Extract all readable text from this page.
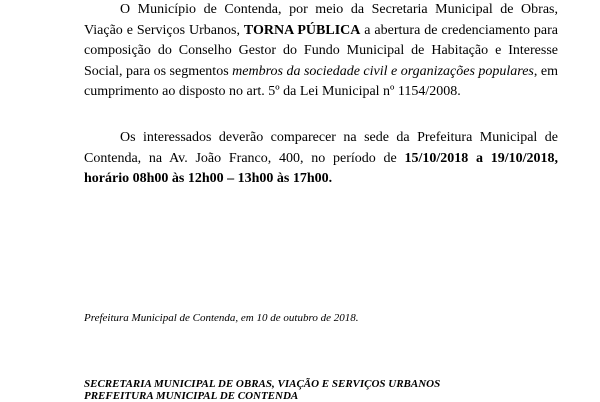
O Município de Contenda, por meio da Secretaria Municipal de Obras, Viação e Serviços Urbanos, TORNA PÚBLICA a abertura de credenciamento para composição do Conselho Gestor do Fundo Municipal de Habitação e Interesse Social, para os segmentos membros da sociedade civil e organizações populares, em cumprimento ao disposto no art. 5º da Lei Municipal nº 1154/2008.

Os interessados deverão comparecer na sede da Prefeitura Municipal de Contenda, na Av. João Franco, 400, no período de 15/10/2018 a 19/10/2018, horário 08h00 às 12h00 – 13h00 às 17h00.

Prefeitura Municipal de Contenda, em 10 de outubro de 2018.

SECRETARIA MUNICIPAL DE OBRAS, VIAÇÃO E SERVIÇOS URBANOS
PREFEITURA MUNICIPAL DE CONTENDA
